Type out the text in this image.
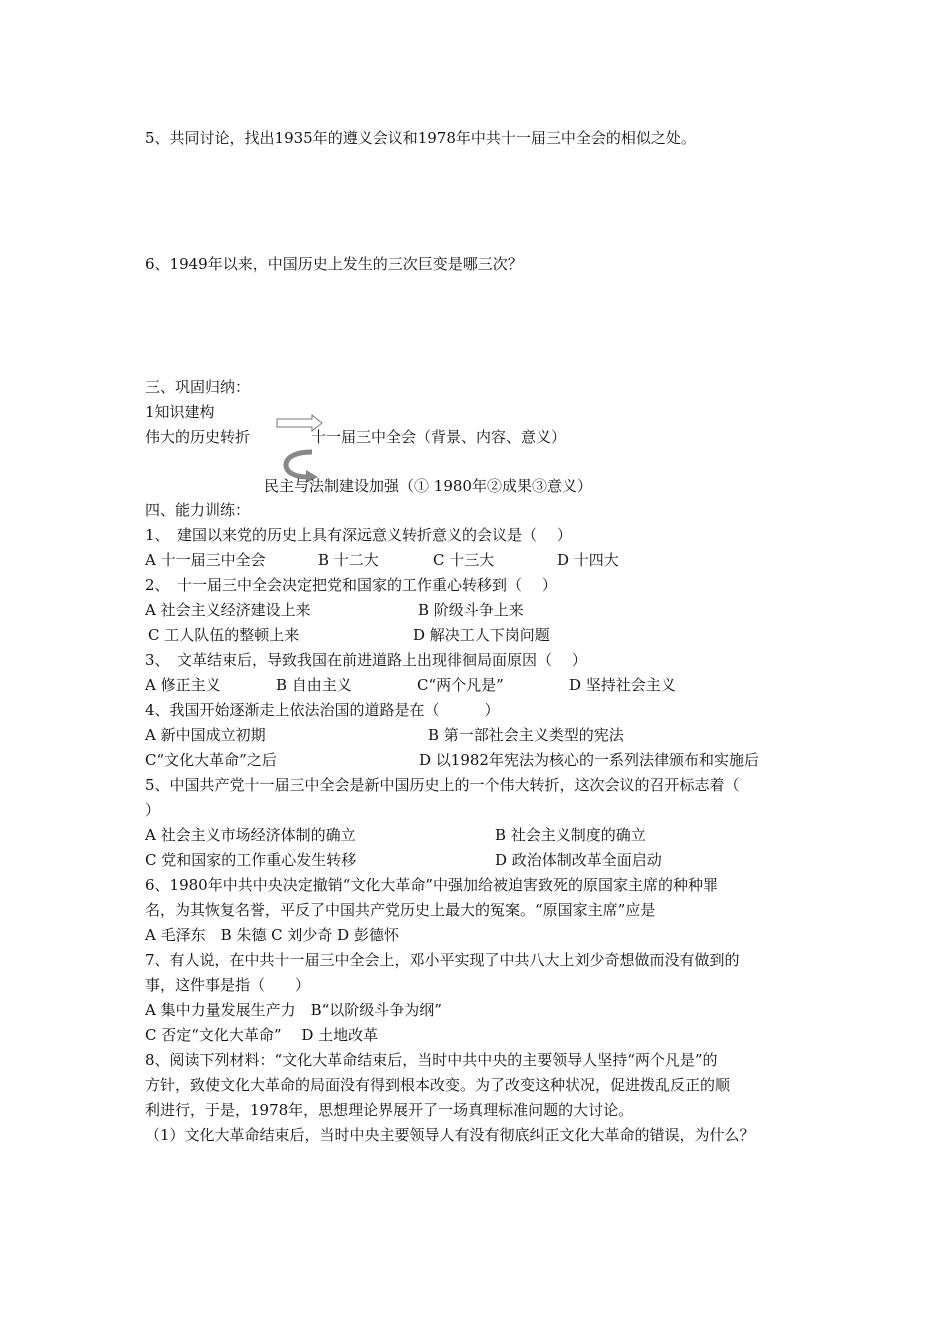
5、共同讨论，找出1935年的遵义会议和1978年中共十一届三中全会的相似之处。
6、1949年以来，中国历史上发生的三次巨变是哪三次？
三、巩固归纳：
1知识建构
伟大的历史转折	十一届三中全会（背景、内容、意义）
民主与法制建设加强（① 1980年②成果③意义）
四、能力训练：
1、　建国以来党的历史上具有深远意义转折意义的会议是（　 ）
A 十一届三中全会	B 十二大	C 十三大	D 十四大
2、　十一届三中全会决定把党和国家的工作重心转移到（　 ）
A 社会主义经济建设上来	B 阶级斗争上来
C 工人队伍的整顿上来	D 解决工人下岗问题
3、　文革结束后，导致我国在前进道路上出现徘徊局面原因（　 ）
A 修正主义	B 自由主义	C“两个凡是”	D 坚持社会主义
4、我国开始逐渐走上依法治国的道路是在（　　　）
A 新中国成立初期	B 第一部社会主义类型的宪法
C“文化大革命”之后	D 以1982年宪法为核心的一系列法律颁布和实施后
5、中国共产党十一届三中全会是新中国历史上的一个伟大转折，这次会议的召开标志着（
）
A 社会主义市场经济体制的确立	B 社会主义制度的确立
C 党和国家的工作重心发生转移	D 政治体制改革全面启动
6、1980年中共中央决定撤销“文化大革命”中强加给被迫害致死的原国家主席的种种罪
名，为其恢复名誉，平反了中国共产党历史上最大的冤案。“原国家主席”应是
A 毛泽东　B 朱德 C 刘少奇 D 彭德怀
7、有人说，在中共十一届三中全会上，邓小平实现了中共八大上刘少奇想做而没有做到的
事，这件事是指（　　）
A 集中力量发展生产力　B“以阶级斗争为纲”
C 否定“文化大革命”　 D 土地改革
8、阅读下列材料：“文化大革命结束后，当时中共中央的主要领导人坚持“两个凡是”的
方针，致使文化大革命的局面没有得到根本改变。为了改变这种状况，促进拨乱反正的顺
利进行，于是，1978年，思想理论界展开了一场真理标准问题的大讨论。
（1）文化大革命结束后，当时中央主要领导人有没有彻底纠正文化大革命的错误，为什么？
